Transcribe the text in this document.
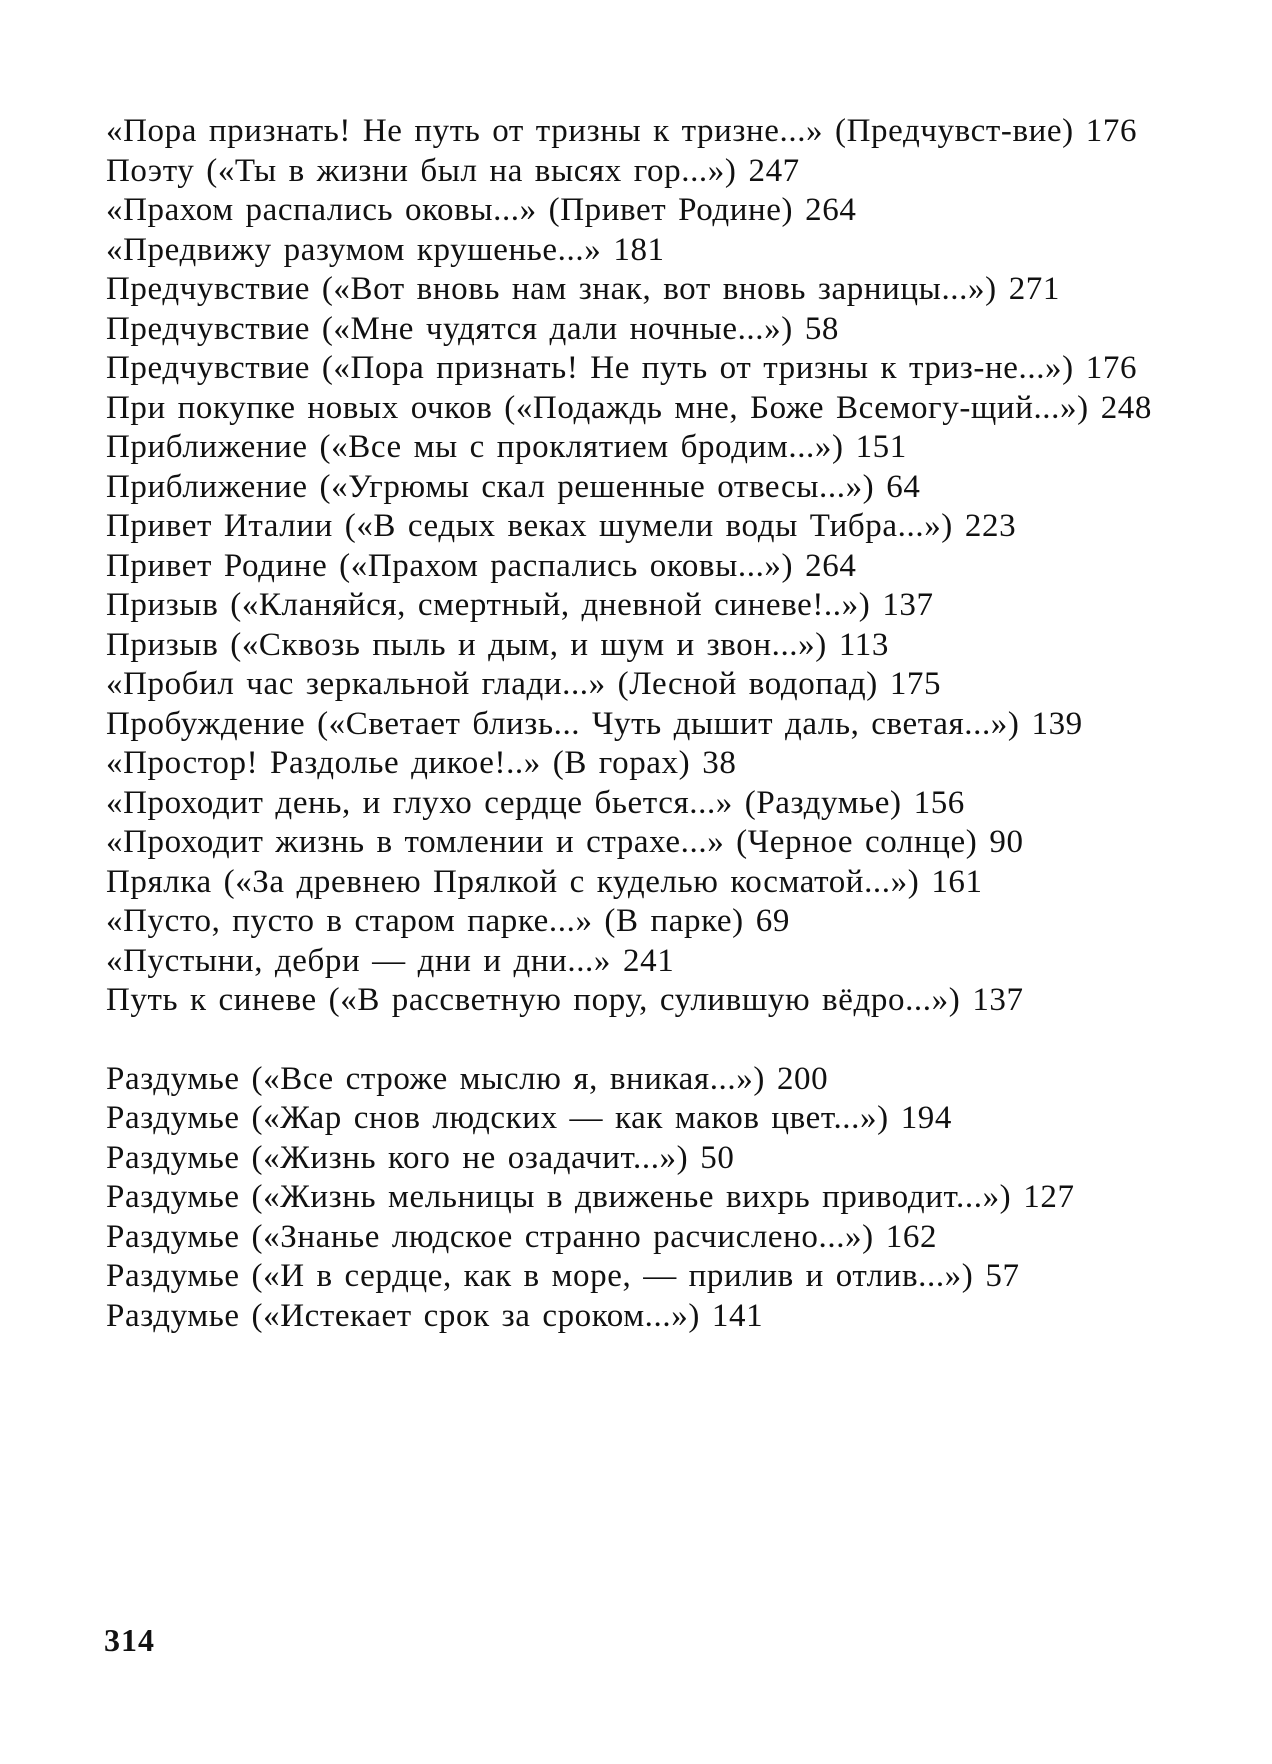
«Пора признать! Не путь от тризны к тризне...» (Предчувст-вие) 176
Поэту («Ты в жизни был на высях гор...») 247
«Прахом распались оковы...» (Привет Родине) 264
«Предвижу разумом крушенье...» 181
Предчувствие («Вот вновь нам знак, вот вновь зарницы...») 271
Предчувствие («Мне чудятся дали ночные...») 58
Предчувствие («Пора признать! Не путь от тризны к триз-не...») 176
При покупке новых очков («Подаждь мне, Боже Всемогу-щий...») 248
Приближение («Все мы с проклятием бродим...») 151
Приближение («Угрюмы скал решенные отвесы...») 64
Привет Италии («В седых веках шумели воды Тибра...») 223
Привет Родине («Прахом распались оковы...») 264
Призыв («Кланяйся, смертный, дневной синеве!..») 137
Призыв («Сквозь пыль и дым, и шум и звон...») 113
«Пробил час зеркальной глади...» (Лесной водопад) 175
Пробуждение («Светает близь... Чуть дышит даль, светая...») 139
«Простор! Раздолье дикое!..» (В горах) 38
«Проходит день, и глухо сердце бьется...» (Раздумье) 156
«Проходит жизнь в томлении и страхе...» (Черное солнце) 90
Прялка («За древнею Прялкой с куделью косматой...») 161
«Пусто, пусто в старом парке...» (В парке) 69
«Пустыни, дебри — дни и дни...» 241
Путь к синеве («В рассветную пору, сулившую вёдро...») 137
Раздумье («Все строже мыслю я, вникая...») 200
Раздумье («Жар снов людских — как маков цвет...») 194
Раздумье («Жизнь кого не озадачит...») 50
Раздумье («Жизнь мельницы в движенье вихрь приводит...») 127
Раздумье («Знанье людское странно расчислено...») 162
Раздумье («И в сердце, как в море, — прилив и отлив...») 57
Раздумье («Истекает срок за сроком...») 141
314
